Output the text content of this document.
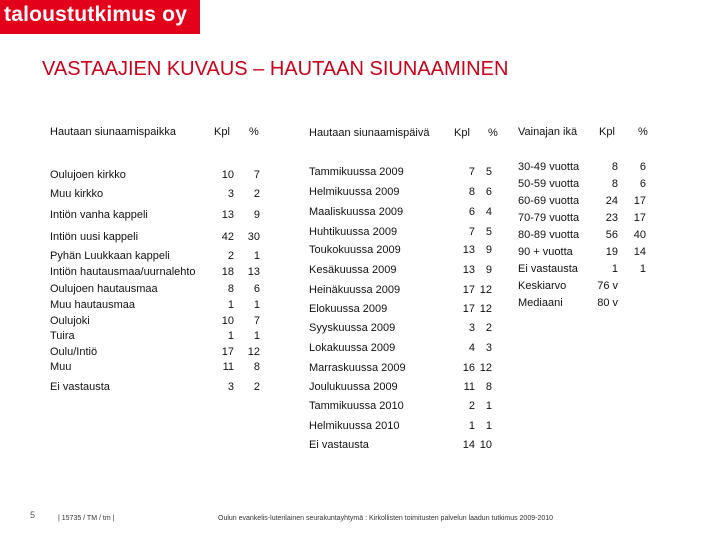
taloustutkimus oy
VASTAAJIEN KUVAUS – HAUTAAN SIUNAAMINEN
Hautaan siunaamispaikka	Kpl %
Oulujoen kirkko	10 7
Muu kirkko	3 2
Intiön vanha kappeli	13 9
Intiön uusi kappeli	42 30
Pyhän Luukkaan kappeli	2 1
Intiön hautausmaa/uurnalehto 18 13
Oulujoen hautausmaa	8 6
Muu hautausmaa	1 1
Oulujoki	10 7
Tuira	1 1
Oulu/Intiö	17 12
Muu	11 8
Ei vastausta	3 2
Hautaan siunaamispäivä Kpl %
Tammikuussa 2009	7 5
Helmikuussa 2009	8 6
Maaliskuussa 2009	6 4
Huhtikuussa 2009	7 5
Toukokuussa 2009	13 9
Kesäkuussa 2009	13 9
Heinäkuussa 2009	17 12
Elokuussa 2009	17 12
Syyskuussa 2009	3 2
Lokakuussa 2009	4 3
Marraskuussa 2009	16 12
Joulukuussa 2009	11 8
Tammikuussa 2010	2 1
Helmikuussa 2010	1 1
Ei vastausta	14 10
Vainajan ikä Kpl %
30-49 vuotta	8 6
50-59 vuotta	8 6
60-69 vuotta 24 17
70-79 vuotta 23 17
80-89 vuotta 56 40
90 + vuotta	19 14
Ei vastausta	1 1
Keskiarvo	76 v
Mediaani	80 v
5	| 15735 / TM / tm |	Oulun evankelis-luterilainen seurakuntayhtymä : Kirkollisten toimitusten palvelun laadun tutkimus 2009-2010
